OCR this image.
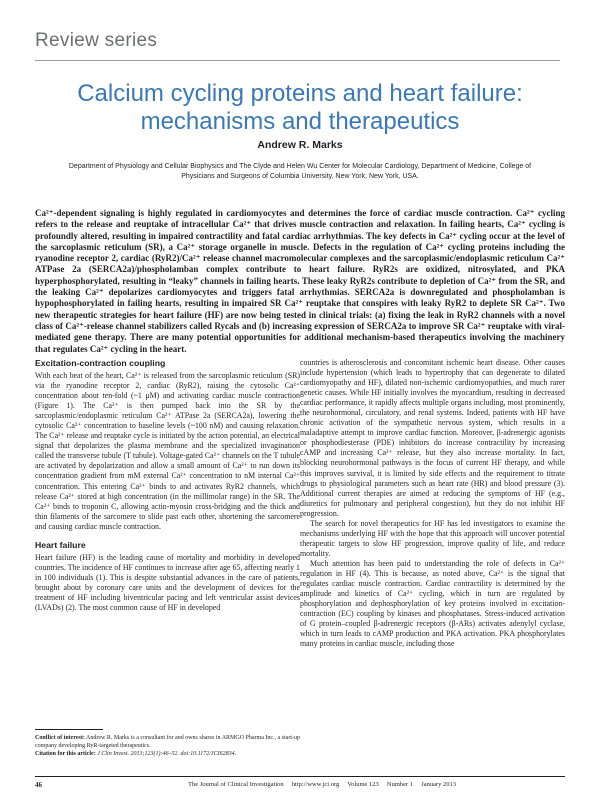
Review series
Calcium cycling proteins and heart failure: mechanisms and therapeutics
Andrew R. Marks
Department of Physiology and Cellular Biophysics and The Clyde and Helen Wu Center for Molecular Cardiology, Department of Medicine, College of Physicians and Surgeons of Columbia University, New York, New York, USA.
Ca²⁺-dependent signaling is highly regulated in cardiomyocytes and determines the force of cardiac muscle contraction. Ca²⁺ cycling refers to the release and reuptake of intracellular Ca²⁺ that drives muscle contraction and relaxation. In failing hearts, Ca²⁺ cycling is profoundly altered, resulting in impaired contractility and fatal cardiac arrhythmias. The key defects in Ca²⁺ cycling occur at the level of the sarcoplasmic reticulum (SR), a Ca²⁺ storage organelle in muscle. Defects in the regulation of Ca²⁺ cycling proteins including the ryanodine receptor 2, cardiac (RyR2)/Ca²⁺ release channel macromolecular complexes and the sarcoplasmic/endoplasmic reticulum Ca²⁺ ATPase 2a (SERCA2a)/phospholamban complex contribute to heart failure. RyR2s are oxidized, nitrosylated, and PKA hyperphosphorylated, resulting in “leaky” channels in failing hearts. These leaky RyR2s contribute to depletion of Ca²⁺ from the SR, and the leaking Ca²⁺ depolarizes cardiomyocytes and triggers fatal arrhythmias. SERCA2a is downregulated and phospholamban is hypophosphorylated in failing hearts, resulting in impaired SR Ca²⁺ reuptake that conspires with leaky RyR2 to deplete SR Ca²⁺. Two new therapeutic strategies for heart failure (HF) are now being tested in clinical trials: (a) fixing the leak in RyR2 channels with a novel class of Ca²⁺-release channel stabilizers called Rycals and (b) increasing expression of SERCA2a to improve SR Ca²⁺ reuptake with viral-mediated gene therapy. There are many potential opportunities for additional mechanism-based therapeutics involving the machinery that regulates Ca²⁺ cycling in the heart.
Excitation-contraction coupling

With each beat of the heart, Ca²⁺ is released from the sarcoplasmic reticulum (SR) via the ryanodine receptor 2, cardiac (RyR2), raising the cytosolic Ca²⁺ concentration about ten-fold (~1 μM) and activating cardiac muscle contraction (Figure 1). The Ca²⁺ is then pumped back into the SR by the sarcoplasmic/endoplasmic reticulum Ca²⁺ ATPase 2a (SERCA2a), lowering the cytosolic Ca²⁺ concentration to baseline levels (~100 nM) and causing relaxation. The Ca²⁺ release and reuptake cycle is initiated by the action potential, an electrical signal that depolarizes the plasma membrane and the specialized invagination called the transverse tubule (T tubule). Voltage-gated Ca²⁺ channels on the T tubule are activated by depolarization and allow a small amount of Ca²⁺ to run down its concentration gradient from mM external Ca²⁺ concentration to nM internal Ca²⁺ concentration. This entering Ca²⁺ binds to and activates RyR2 channels, which release Ca²⁺ stored at high concentration (in the millimolar range) in the SR. The Ca²⁺ binds to troponin C, allowing actin-myosin cross-bridging and the thick and thin filaments of the sarcomere to slide past each other, shortening the sarcomere and causing cardiac muscle contraction.

Heart failure

Heart failure (HF) is the leading cause of mortality and morbidity in developed countries. The incidence of HF continues to increase after age 65, affecting nearly 1 in 100 individuals (1). This is despite substantial advances in the care of patients, brought about by coronary care units and the development of devices for the treatment of HF including biventricular pacing and left ventricular assist devices (LVADs) (2). The most common cause of HF in developed

countries is atherosclerosis and concomitant ischemic heart disease. Other causes include hypertension (which leads to hypertrophy that can degenerate to dilated cardiomyopathy and HF), dilated non-ischemic cardiomyopathies, and much rarer genetic causes. While HF initially involves the myocardium, resulting in decreased cardiac performance, it rapidly affects multiple organs including, most prominently, the neurohormonal, circulatory, and renal systems. Indeed, patients with HF have chronic activation of the sympathetic nervous system, which results in a maladaptive attempt to improve cardiac function. Moreover, β-adrenergic agonists or phosphodiesterase (PDE) inhibitors do increase contractility by increasing cAMP and increasing Ca²⁺ release, but they also increase mortality. In fact, blocking neurohormonal pathways is the focus of current HF therapy, and while this improves survival, it is limited by side effects and the requirement to titrate drugs to physiological parameters such as heart rate (HR) and blood pressure (3). Additional current therapies are aimed at reducing the symptoms of HF (e.g., diuretics for pulmonary and peripheral congestion), but they do not inhibit HF progression.

The search for novel therapeutics for HF has led investigators to examine the mechanisms underlying HF with the hope that this approach will uncover potential therapeutic targets to slow HF progression, improve quality of life, and reduce mortality.

Much attention has been paid to understanding the role of defects in Ca²⁺ regulation in HF (4). This is because, as noted above, Ca²⁺ is the signal that regulates cardiac muscle contraction. Cardiac contractility is determined by the amplitude and kinetics of Ca²⁺ cycling, which in turn are regulated by phosphorylation and dephosphorylation of key proteins involved in excitation-contraction (EC) coupling by kinases and phosphatases. Stress-induced activation of G protein–coupled β-adrenergic receptors (β-ARs) activates adenylyl cyclase, which in turn leads to cAMP production and PKA activation. PKA phosphorylates many proteins in cardiac muscle, including those

Conflict of interest: Andrew R. Marks is a consultant for and owns shares in ARMGO Pharma Inc., a start-up company developing RyR-targeted therapeutics.
Citation for this article: J Clin Invest. 2013;123(1):46–52. doi:10.1172/JCI62834.
46	The Journal of Clinical Investigation     http://www.jci.org     Volume 123     Number 1     January 2013
